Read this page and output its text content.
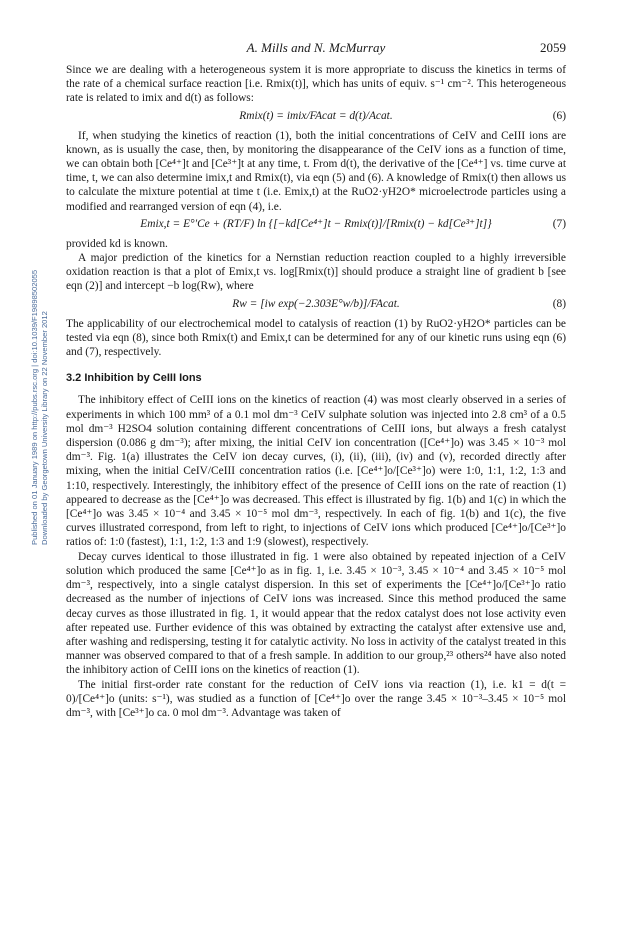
A. Mills and N. McMurray	2059
Published on 01 January 1989 on http://pubs.rsc.org | doi:10.1039/F19898502055 Downloaded by Georgetown University Library on 22 November 2012

Since we are dealing with a heterogeneous system it is more appropriate to discuss the kinetics in terms of the rate of a chemical surface reaction [i.e. Rmix(t)], which has units of equiv. s⁻¹ cm⁻². This heterogeneous rate is related to imix and d(t) as follows:

Rmix(t) = imix/FAcat = d(t)/Acat.	(6)

If, when studying the kinetics of reaction (1), both the initial concentrations of CeIV and CeIII ions are known, as is usually the case, then, by monitoring the disappearance of the CeIV ions as a function of time, we can obtain both [Ce⁴⁺]t and [Ce³⁺]t at any time, t. From d(t), the derivative of the [Ce⁴⁺] vs. time curve at time, t, we can also determine imix,t and Rmix(t), via eqn (5) and (6). A knowledge of Rmix(t) then allows us to calculate the mixture potential at time t (i.e. Emix,t) at the RuO2·yH2O* microelectrode particles using a modified and rearranged version of eqn (4), i.e.

Emix,t = E°′Ce + (RT/F) ln {[−kd[Ce⁴⁺]t − Rmix(t)]/[Rmix(t) − kd[Ce³⁺]t]}	(7)

provided kd is known.

A major prediction of the kinetics for a Nernstian reduction reaction coupled to a highly irreversible oxidation reaction is that a plot of Emix,t vs. log[Rmix(t)] should produce a straight line of gradient b [see eqn (2)] and intercept −b log(Rw), where

Rw = [iw exp(−2.303E°w/b)]/FAcat.	(8)

The applicability of our electrochemical model to catalysis of reaction (1) by RuO2·yH2O* particles can be tested via eqn (8), since both Rmix(t) and Emix,t can be determined for any of our kinetic runs using eqn (6) and (7), respectively.

3.2 Inhibition by CeIII Ions

The inhibitory effect of CeIII ions on the kinetics of reaction (4) was most clearly observed in a series of experiments in which 100 mm³ of a 0.1 mol dm⁻³ CeIV sulphate solution was injected into 2.8 cm³ of a 0.5 mol dm⁻³ H2SO4 solution containing different concentrations of CeIII ions, but always a fresh catalyst dispersion (0.086 g dm⁻³); after mixing, the initial CeIV ion concentration ([Ce⁴⁺]o) was 3.45 × 10⁻³ mol dm⁻³. Fig. 1(a) illustrates the CeIV ion decay curves, (i), (ii), (iii), (iv) and (v), recorded directly after mixing, when the initial CeIV/CeIII concentration ratios (i.e. [Ce⁴⁺]o/[Ce³⁺]o) were 1:0, 1:1, 1:2, 1:3 and 1:10, respectively. Interestingly, the inhibitory effect of the presence of CeIII ions on the rate of reaction (1) appeared to decrease as the [Ce⁴⁺]o was decreased. This effect is illustrated by fig. 1(b) and 1(c) in which the [Ce⁴⁺]o was 3.45 × 10⁻⁴ and 3.45 × 10⁻⁵ mol dm⁻³, respectively. In each of fig. 1(b) and 1(c), the five curves illustrated correspond, from left to right, to injections of CeIV ions which produced [Ce⁴⁺]o/[Ce³⁺]o ratios of: 1:0 (fastest), 1:1, 1:2, 1:3 and 1:9 (slowest), respectively.

Decay curves identical to those illustrated in fig. 1 were also obtained by repeated injection of a CeIV solution which produced the same [Ce⁴⁺]o as in fig. 1, i.e. 3.45 × 10⁻³, 3.45 × 10⁻⁴ and 3.45 × 10⁻⁵ mol dm⁻³, respectively, into a single catalyst dispersion. In this set of experiments the [Ce⁴⁺]o/[Ce³⁺]o ratio decreased as the number of injections of CeIV ions was increased. Since this method produced the same decay curves as those illustrated in fig. 1, it would appear that the redox catalyst does not lose activity even after repeated use. Further evidence of this was obtained by extracting the catalyst after extensive use and, after washing and redispersing, testing it for catalytic activity. No loss in activity of the catalyst treated in this manner was observed compared to that of a fresh sample. In addition to our group,²³ others²⁴ have also noted the inhibitory action of CeIII ions on the kinetics of reaction (1).

The initial first-order rate constant for the reduction of CeIV ions via reaction (1), i.e. k1 = d(t = 0)/[Ce⁴⁺]o (units: s⁻¹), was studied as a function of [Ce⁴⁺]o over the range 3.45 × 10⁻³–3.45 × 10⁻⁵ mol dm⁻³, with [Ce³⁺]o ca. 0 mol dm⁻³. Advantage was taken of
